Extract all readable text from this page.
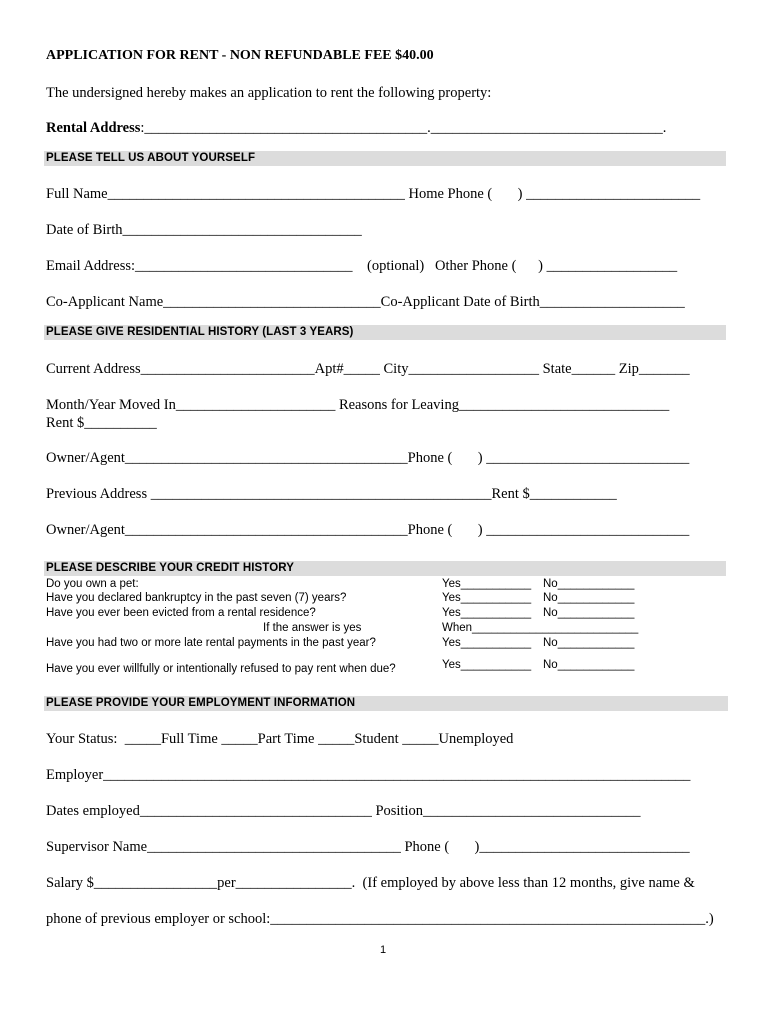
APPLICATION FOR RENT - NON REFUNDABLE FEE $40.00
The undersigned hereby makes an application to rent the following property:
Rental Address:_______________________________________.________________________________.
PLEASE TELL US ABOUT YOURSELF
Full Name_________________________________________ Home Phone (       ) ________________________
Date of Birth_________________________________
Email Address:______________________________    (optional)   Other Phone (      ) __________________
Co-Applicant Name______________________________Co-Applicant Date of Birth____________________
PLEASE GIVE RESIDENTIAL HISTORY (LAST 3 YEARS)
Current Address________________________Apt#_____ City__________________ State______ Zip_______
Month/Year Moved In______________________ Reasons for Leaving_____________________________
Rent $__________
Owner/Agent_______________________________________Phone (       ) ____________________________
Previous Address _______________________________________________Rent $____________
Owner/Agent_______________________________________Phone (       ) ____________________________
PLEASE DESCRIBE YOUR CREDIT HISTORY
Do you own a pet:	Yes___________ No____________
Have you declared bankruptcy in the past seven (7) years?	Yes___________ No____________
Have you ever been evicted from a rental residence?	Yes___________ No____________
If the answer is yes	When__________________________
Have you had two or more late rental payments in the past year?	Yes___________ No____________
Have you ever willfully or intentionally refused to pay rent when due?	Yes___________ No____________
PLEASE PROVIDE YOUR EMPLOYMENT INFORMATION
Your Status:  _____Full Time _____Part Time _____Student _____Unemployed
Employer_________________________________________________________________________________
Dates employed________________________________ Position______________________________
Supervisor Name___________________________________ Phone (       )_____________________________
Salary $_________________per________________.  (If employed by above less than 12 months, give name &
phone of previous employer or school:____________________________________________________________.)
1
